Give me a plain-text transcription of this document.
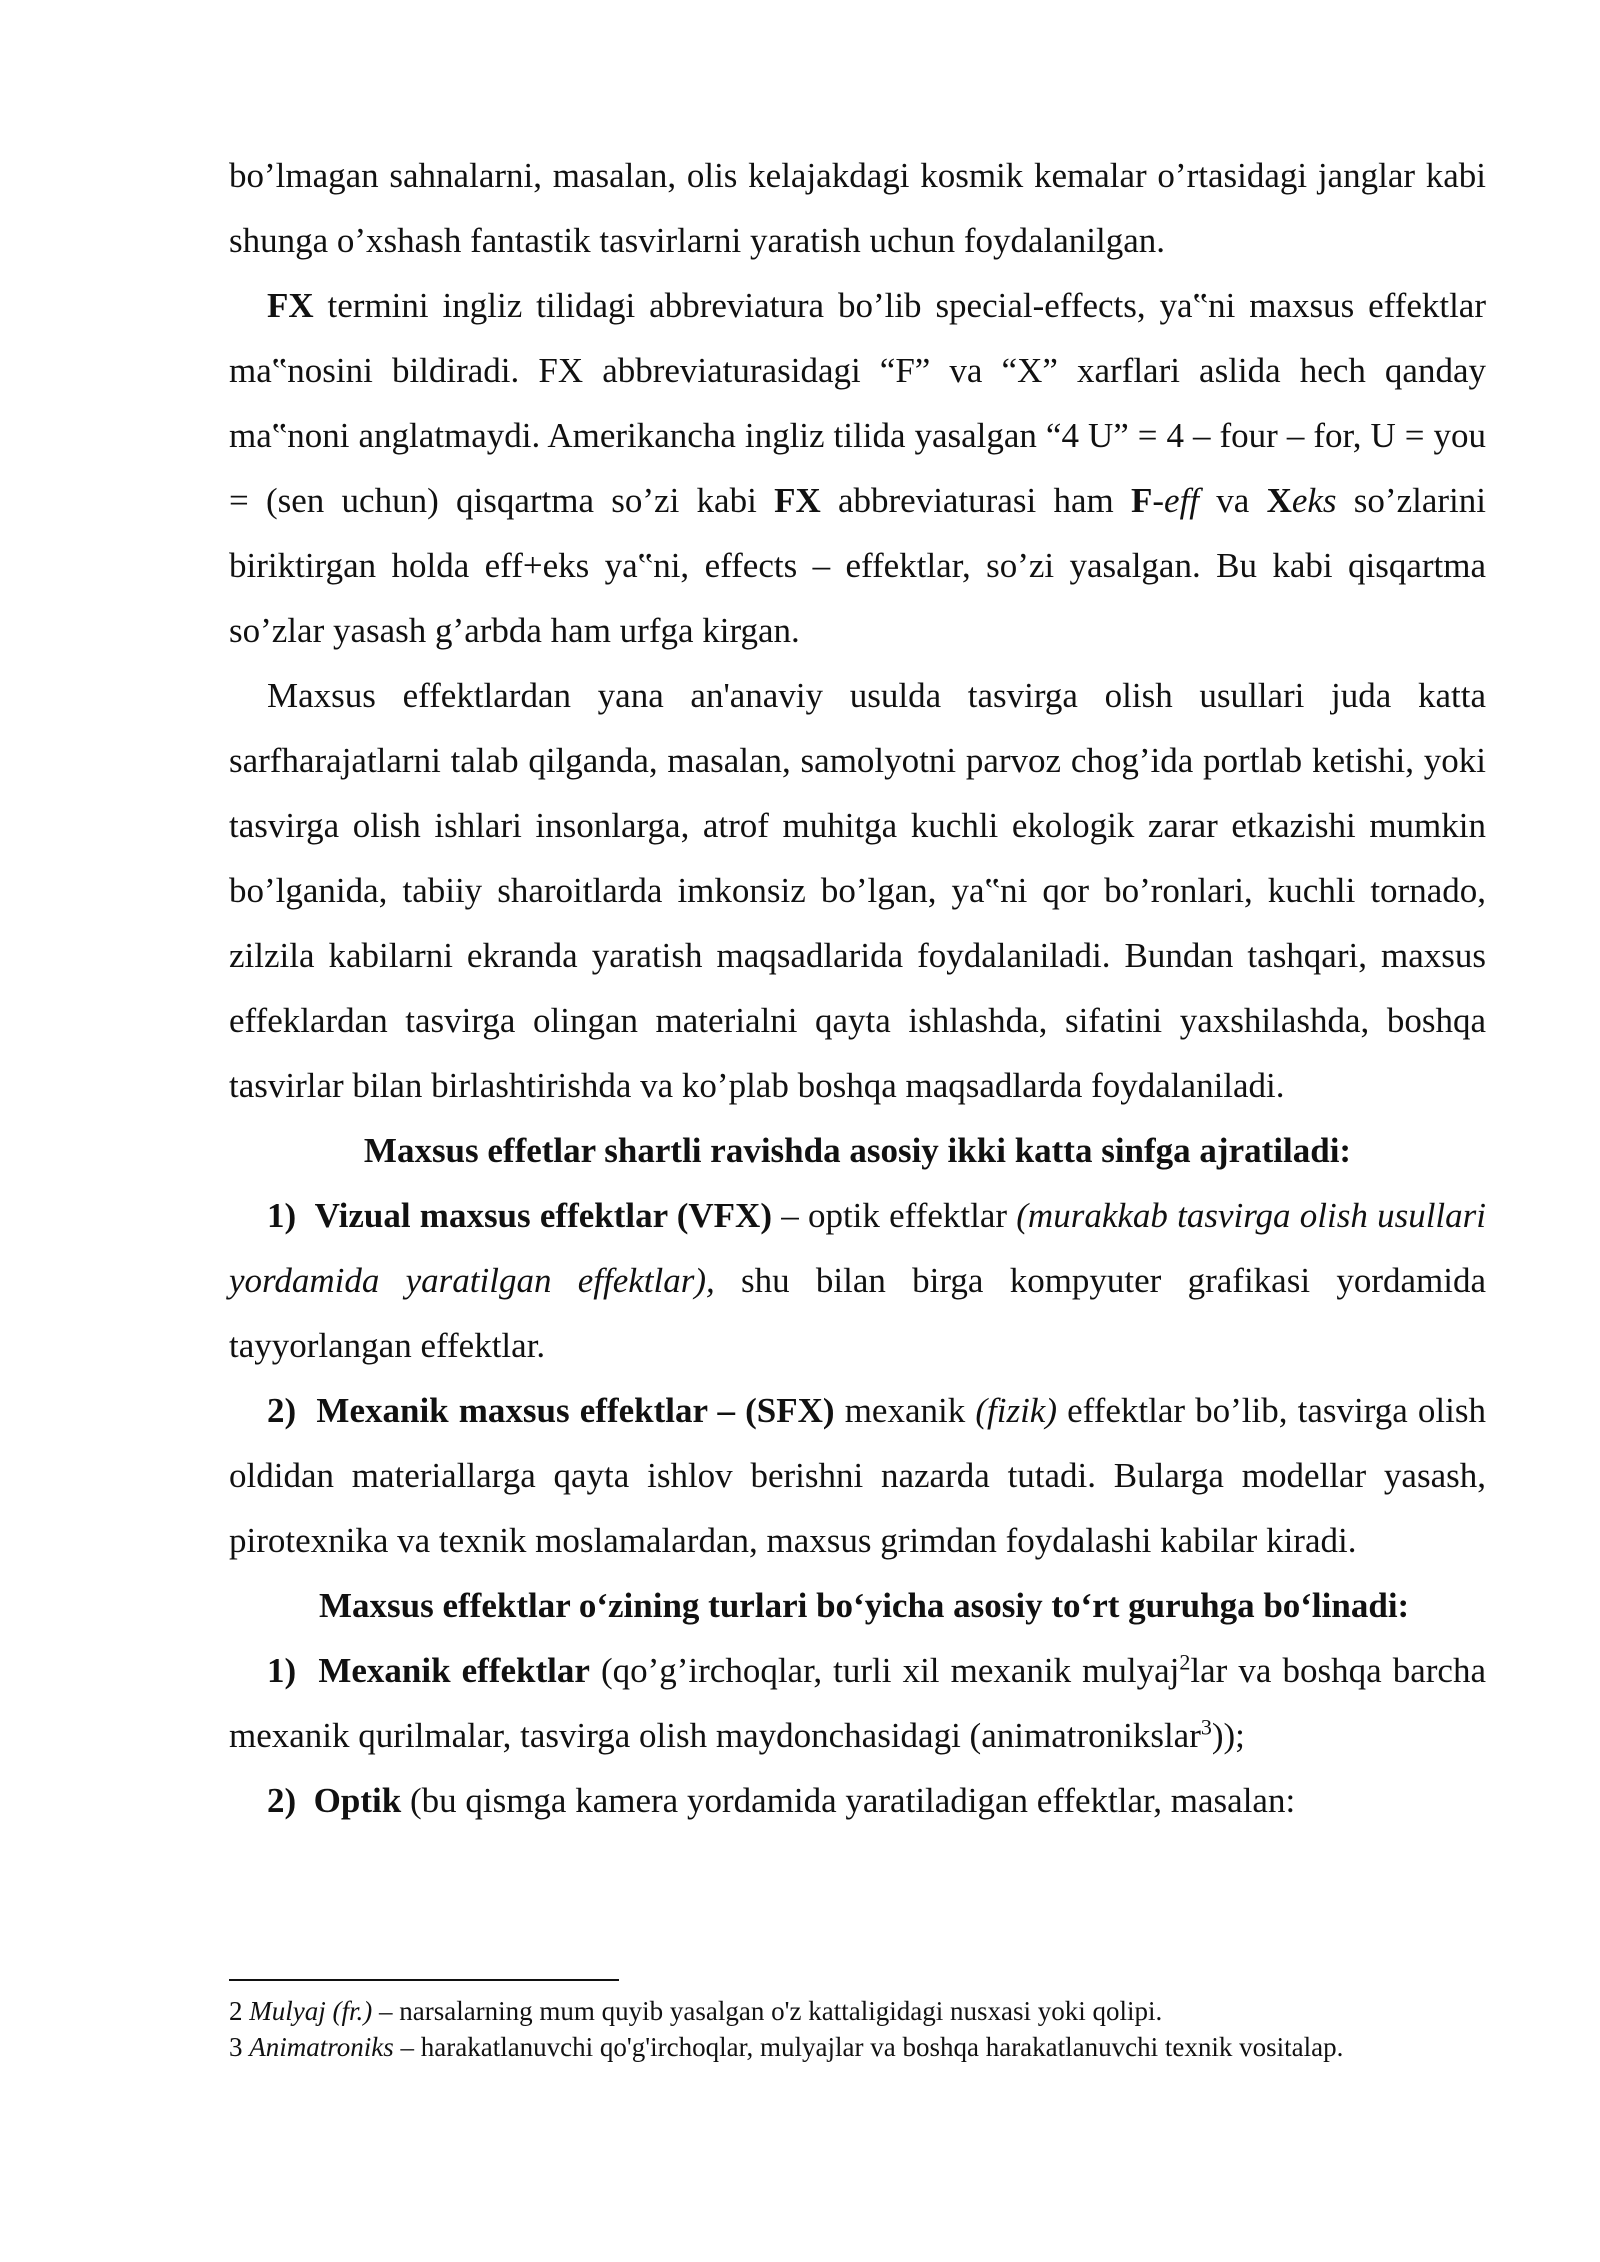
bo’lmagan sahnalarni, masalan, olis kelajakdagi kosmik kemalar o’rtasidagi janglar kabi shunga o’xshash fantastik tasvirlarni yaratish uchun foydalanilgan.

FX termini ingliz tilidagi abbreviatura bo’lib special-effects, ya‟ni maxsus effektlar ma‟nosini bildiradi. FX abbreviaturasidagi “F” va “X” xarflari aslida hech qanday ma‟noni anglatmaydi. Amerikancha ingliz tilida yasalgan “4 U” = 4 – four – for, U = you = (sen uchun) qisqartma so’zi kabi FX abbreviaturasi ham F-eff va Xeks so’zlarini biriktirgan holda eff+eks ya‟ni, effects – effektlar, so’zi yasalgan. Bu kabi qisqartma so’zlar yasash g’arbda ham urfga kirgan.

Maxsus effektlardan yana an'anaviy usulda tasvirga olish usullari juda katta sarfharajatlarni talab qilganda, masalan, samolyotni parvoz chog’ida portlab ketishi, yoki tasvirga olish ishlari insonlarga, atrof muhitga kuchli ekologik zarar etkazishi mumkin bo’lganida, tabiiy sharoitlarda imkonsiz bo’lgan, ya‟ni qor bo’ronlari, kuchli tornado, zilzila kabilarni ekranda yaratish maqsadlarida foydalaniladi. Bundan tashqari, maxsus effeklardan tasvirga olingan materialni qayta ishlashda, sifatini yaxshilashda, boshqa tasvirlar bilan birlashtirishda va ko’plab boshqa maqsadlarda foydalaniladi.

Maxsus effetlar shartli ravishda asosiy ikki katta sinfga ajratiladi:

1) Vizual maxsus effektlar (VFX) – optik effektlar (murakkab tasvirga olish usullari yordamida yaratilgan effektlar), shu bilan birga kompyuter grafikasi yordamida tayyorlangan effektlar.

2) Mexanik maxsus effektlar – (SFX) mexanik (fizik) effektlar bo’lib, tasvirga olish oldidan materiallarga qayta ishlov berishni nazarda tutadi. Bularga modellar yasash, pirotexnika va texnik moslamalardan, maxsus grimdan foydalashi kabilar kiradi.

Maxsus effektlar o‘zining turlari bo‘yicha asosiy to‘rt guruhga bo‘linadi:

1) Mexanik effektlar (qo’g’irchoqlar, turli xil mexanik mulyaj$^2$lar va boshqa barcha mexanik qurilmalar, tasvirga olish maydonchasidagi (animatronikslar$^3$));

2) Optik (bu qismga kamera yordamida yaratiladigan effektlar, masalan:

2 Mulyaj (fr.) – narsalarning mum quyib yasalgan o'z kattaligidagi nusxasi yoki qolipi.

3 Animatroniks – harakatlanuvchi qo'g'irchoqlar, mulyajlar va boshqa harakatlanuvchi texnik vositalap.
